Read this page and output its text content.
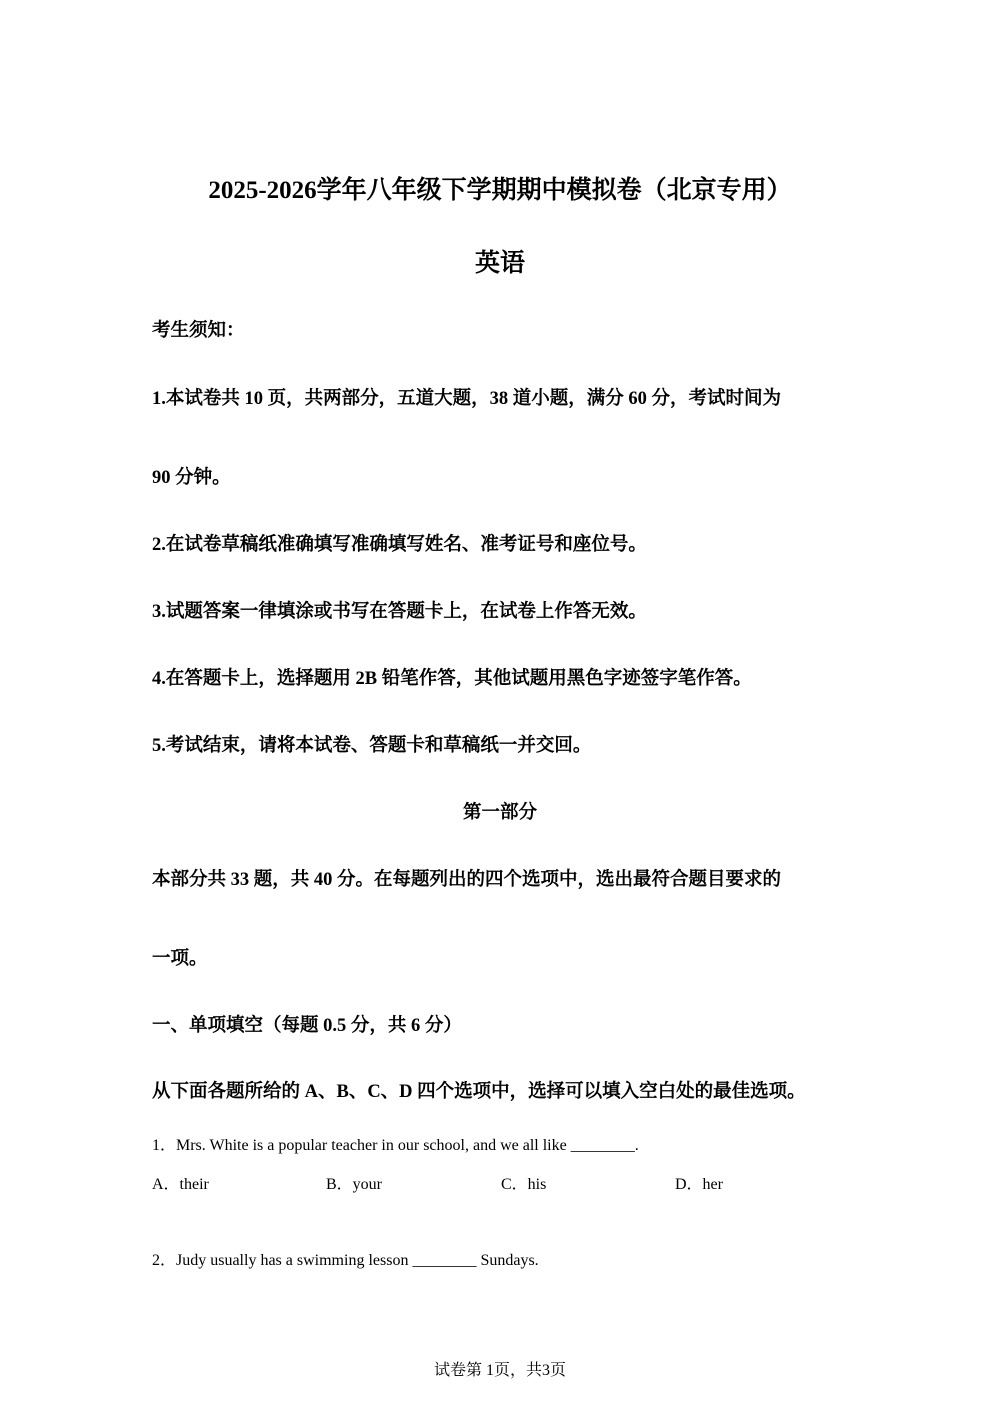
2025-2026学年八年级下学期期中模拟卷（北京专用）
英语
考生须知：
1.本试卷共 10 页，共两部分，五道大题，38 道小题，满分 60 分，考试时间为
90 分钟。
2.在试卷草稿纸准确填写准确填写姓名、准考证号和座位号。
3.试题答案一律填涂或书写在答题卡上，在试卷上作答无效。
4.在答题卡上，选择题用 2B 铅笔作答，其他试题用黑色字迹签字笔作答。
5.考试结束，请将本试卷、答题卡和草稿纸一并交回。
第一部分
本部分共 33 题，共 40 分。在每题列出的四个选项中，选出最符合题目要求的
一项。
一、单项填空（每题 0.5 分，共 6 分）
从下面各题所给的 A、B、C、D 四个选项中，选择可以填入空白处的最佳选项。
1．Mrs. White is a popular teacher in our school, and we all like ________.
A．their	B．your	C．his	D．her
2．Judy usually has a swimming lesson ________ Sundays.
试卷第 1页，共3页
